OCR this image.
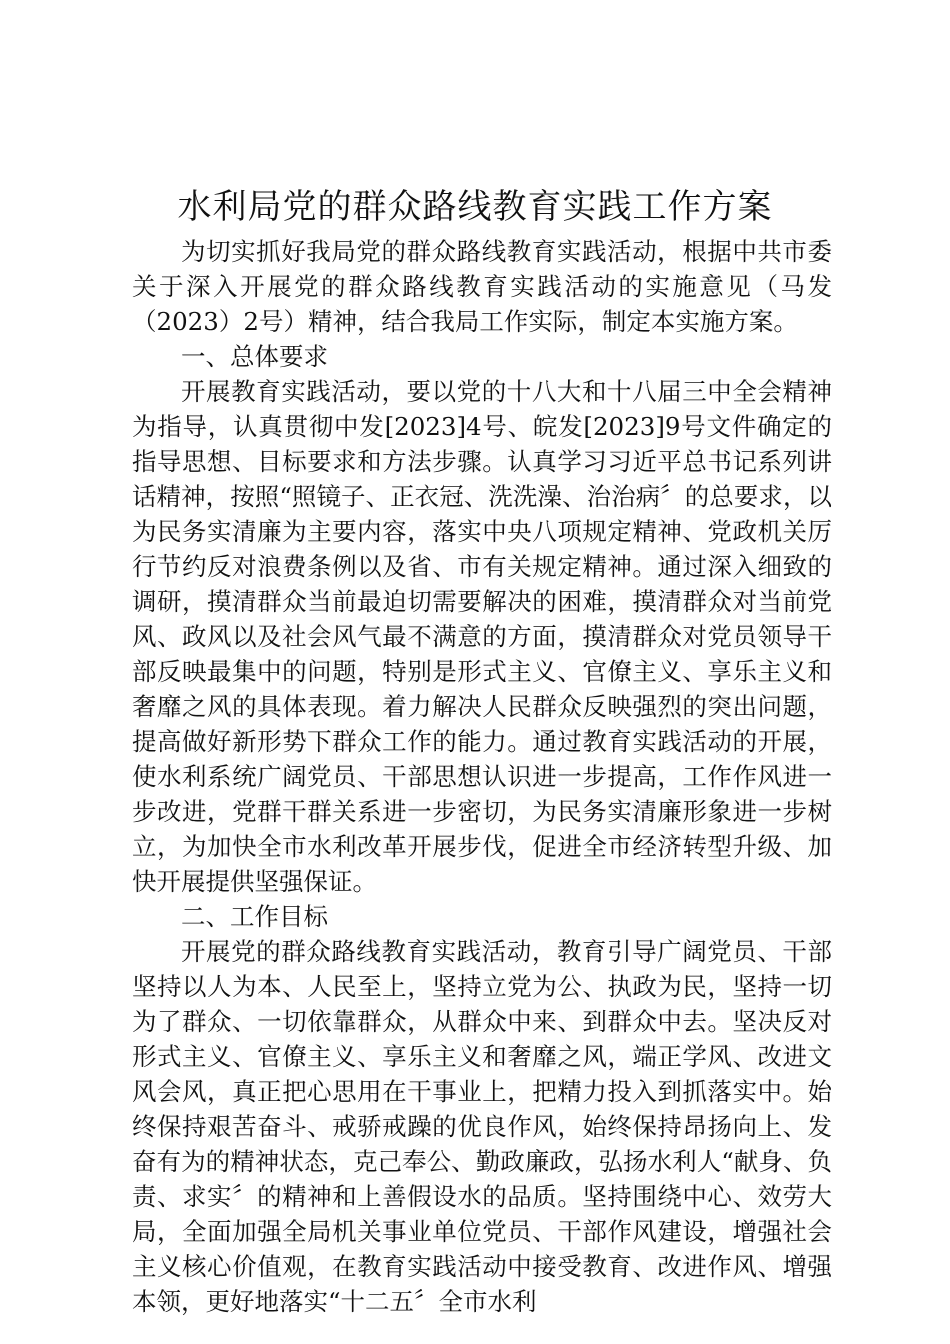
水利局党的群众路线教育实践工作方案

为切实抓好我局党的群众路线教育实践活动，根据中共市委关于深入开展党的群众路线教育实践活动的实施意见（马发（2023）2号）精神，结合我局工作实际，制定本实施方案。

一、总体要求

开展教育实践活动，要以党的十八大和十八届三中全会精神为指导，认真贯彻中发[2023]4号、皖发[2023]9号文件确定的指导思想、目标要求和方法步骤。认真学习习近平总书记系列讲话精神，按照“照镜子、正衣冠、洗洗澡、治治病〞的总要求，以为民务实清廉为主要内容，落实中央八项规定精神、党政机关厉行节约反对浪费条例以及省、市有关规定精神。通过深入细致的调研，摸清群众当前最迫切需要解决的困难，摸清群众对当前党风、政风以及社会风气最不满意的方面，摸清群众对党员领导干部反映最集中的问题，特别是形式主义、官僚主义、享乐主义和奢靡之风的具体表现。着力解决人民群众反映强烈的突出问题，提高做好新形势下群众工作的能力。通过教育实践活动的开展，使水利系统广阔党员、干部思想认识进一步提高，工作作风进一步改进，党群干群关系进一步密切，为民务实清廉形象进一步树立，为加快全市水利改革开展步伐，促进全市经济转型升级、加快开展提供坚强保证。

二、工作目标

开展党的群众路线教育实践活动，教育引导广阔党员、干部坚持以人为本、人民至上，坚持立党为公、执政为民，坚持一切为了群众、一切依靠群众，从群众中来、到群众中去。坚决反对形式主义、官僚主义、享乐主义和奢靡之风，端正学风、改进文风会风，真正把心思用在干事业上，把精力投入到抓落实中。始终保持艰苦奋斗、戒骄戒躁的优良作风，始终保持昂扬向上、发奋有为的精神状态，克己奉公、勤政廉政，弘扬水利人“献身、负责、求实〞的精神和上善假设水的品质。坚持围绕中心、效劳大局，全面加强全局机关事业单位党员、干部作风建设，增强社会主义核心价值观，在教育实践活动中接受教育、改进作风、增强本领，更好地落实“十二五〞全市水利
